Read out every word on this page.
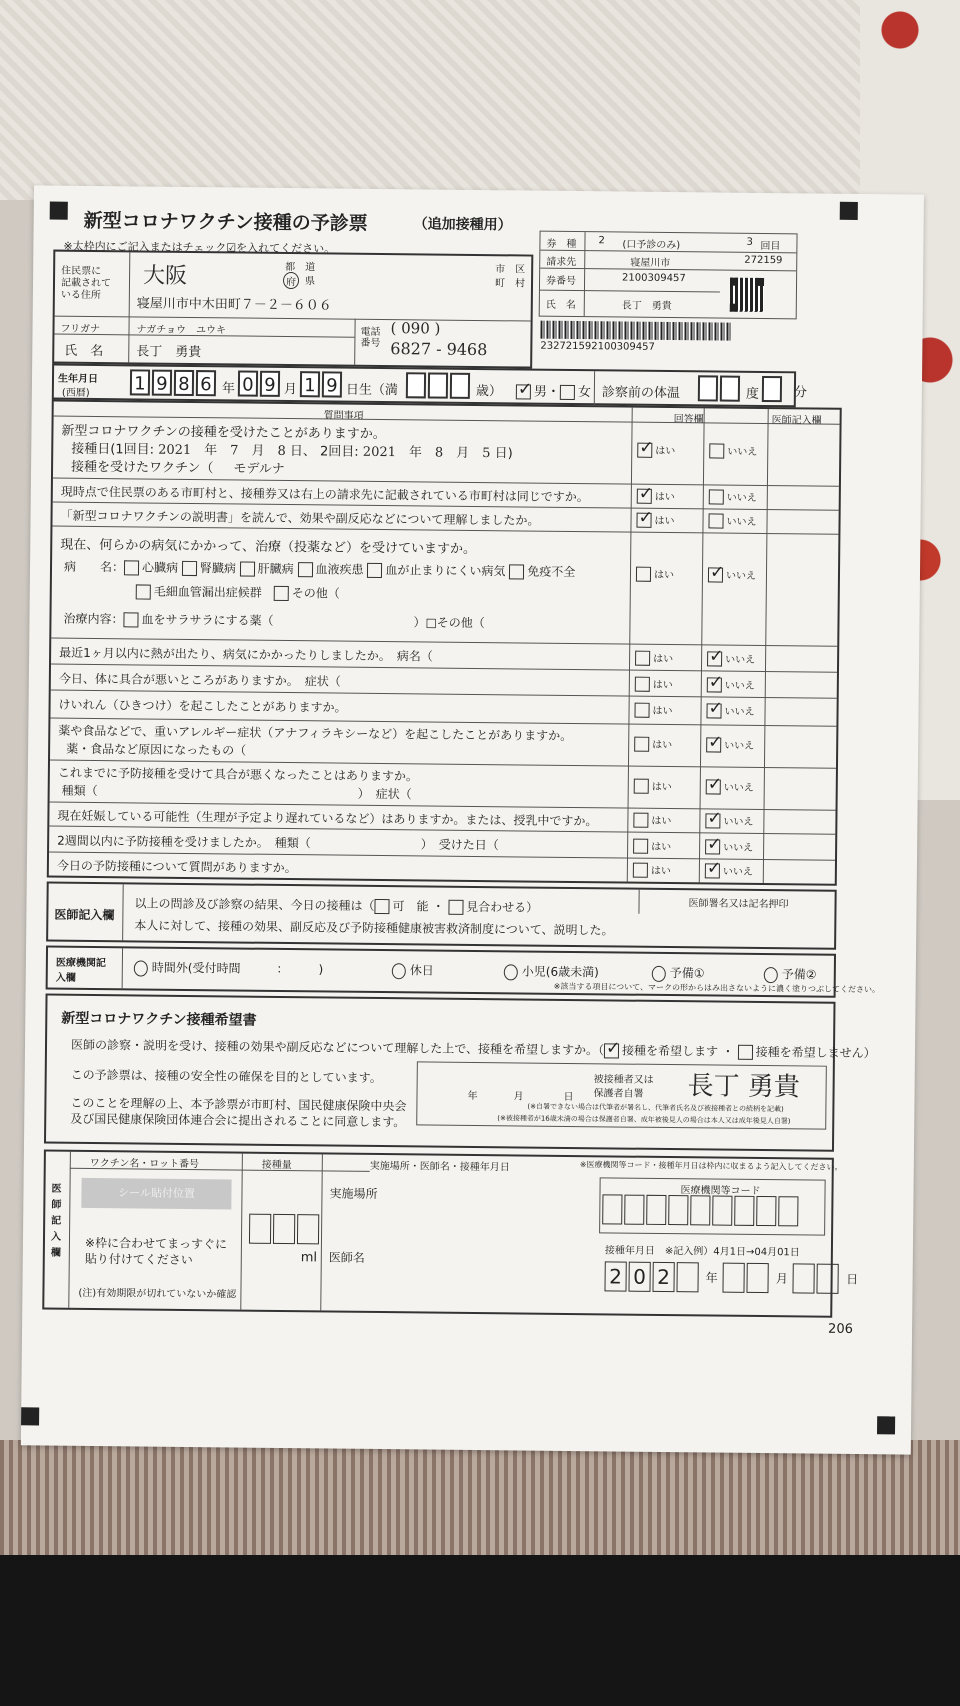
新型コロナワクチン接種の予診票	（追加接種用）
※太枠内にご記入またはチェック☑を入れてください。	券　種 2 (口予診のみ)	3 回目
請求先	寝屋川市	272159
券番号	2100309457
氏　名	長丁　勇貴
232721592100309457
住民票に
記載されて
いる住所
大阪	都 道
府 県
市 区
町 村
寝屋川市中木田町７－２－６０６
フリガナ	ナガチョウ　ユウキ
氏　名	長丁　勇貴
電話番号
( 090 )
6827 - 9468
生年月日
(西暦) 1 9 8 6 年 0 9 月 1 9 日生（満	歳） ✓	男・ 女 診察前の体温	度	分
質問事項	回答欄	医師記入欄
新型コロナワクチンの接種を受けたことがありますか。
接種日(1回目: 2021　年　7　月　8 日、 2回目: 2021　年　8　月　5 日)
接種を受けたワクチン（ モデルナ
✓はい	いいえ
現時点で住民票のある市町村と、接種券又は右上の請求先に記載されている市町村は同じですか。 ✓	はい	いいえ
「新型コロナワクチンの説明書」を読んで、効果や副反応などについて理解しましたか。 ✓	はい	いいえ
現在、何らかの病気にかかって、治療（投薬など）を受けていますか。
病　　名： 心臓病 腎臓病 肝臓病 血液疾患 血が止まりにくい病気 免疫不全
毛細血管漏出症候群　 その他（
治療内容： 血をサラサラにする薬（	）□その他（
はい ✓	いいえ
最近1ヶ月以内に熱が出たり、病気にかかったりしましたか。　病名（	はい ✓	いいえ
今日、体に具合が悪いところがありますか。　症状（	はい ✓	いいえ
けいれん（ひきつけ）を起こしたことがありますか。	はい ✓	いいえ
薬や食品などで、重いアレルギー症状（アナフィラキシーなど）を起こしたことがありますか。
薬・食品など原因になったもの（	はい ✓	いいえ
これまでに予防接種を受けて具合が悪くなったことはありますか。
種類（	）　症状（	はい ✓	いいえ
現在妊娠している可能性（生理が予定より遅れているなど）はありますか。または、授乳中ですか。	はい ✓	いいえ
2週間以内に予防接種を受けましたか。　種類（	）　受けた日（	はい ✓	いいえ
今日の予防接種について質問がありますか。	はい ✓	いいえ
医師記入欄
以上の問診及び診察の結果、今日の接種は（ 可　能 ・ 見合わせる）
本人に対して、接種の効果、副反応及び予防接種健康被害救済制度について、説明した。
医師署名又は記名押印
医療機関記入欄
時間外(受付時間　　　：　　　)	休日	小児(6歳未満)	予備①	予備②
※該当する項目について、マークの形からはみ出さないように濃く塗りつぶしてください。
新型コロナワクチン接種希望書
医師の診察・説明を受け、接種の効果や副反応などについて理解した上で、接種を希望しますか。（ ✓ 接種を希望します ・ 接種を希望しません）
この予診票は、接種の安全性の確保を目的としています。
このことを理解の上、本予診票が市町村、国民健康保険中央会
及び国民健康保険団体連合会に提出されることに同意します。
年	月	日
被接種者又は
保護者自署 長丁 勇貴
(※自署できない場合は代筆者が署名し、代筆者氏名及び被接種者との続柄を記載)
(※被接種者が16歳未満の場合は保護者自署、成年被後見人の場合は本人又は成年後見人自署)
医師記入欄
ワクチン名・ロット番号	接種量	実施場所・医師名・接種年月日	※医療機関等コード・接種年月日は枠内に収まるよう記入してください。
シール貼付位置
※枠に合わせてまっすぐに
貼り付けてください
(注)有効期限が切れていないか確認
ml
実施場所
医師名
医療機関等コード
接種年月日　 ※記入例）4月1日→04月01日
2 0 2	年	月	日
206
